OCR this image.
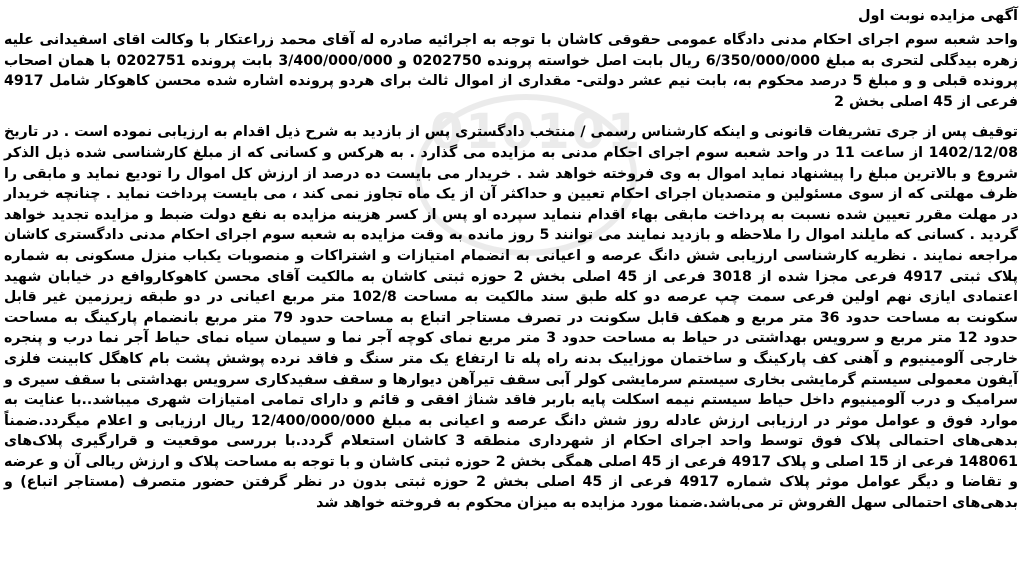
010101
آگهی مزایده نوبت اول

واحد شعبه سوم اجرای احکام مدنی دادگاه عمومی حقوقی کاشان با توجه به اجرائیه صادره له آقای محمد زراعتکار با وکالت اقای اسفیدانی علیه زهره بیدگلی لتحری به مبلغ 6/350/000/000 ریال بابت اصل خواسته پرونده 0202750 و 3/400/000/000 بابت پرونده 0202751 با همان اصحاب پرونده قبلی و و مبلغ 5 درصد محکوم به، بابت نیم عشر دولتی- مقداری از اموال ثالث برای هردو پرونده اشاره شده محسن کاهوکار شامل 4917 فرعی از 45 اصلی بخش 2

توقیف پس از جری تشریفات قانونی و اینکه کارشناس رسمی / منتخب دادگستری پس از بازدید به شرح ذیل اقدام به ارزیابی نموده است . در تاریخ 1402/12/08 از ساعت 11 در واحد شعبه سوم اجرای احکام مدنی به مزایده می گذارد . به هرکس و کسانی که از مبلغ کارشناسی شده ذیل الذکر شروع و بالاترین مبلغ را پیشنهاد نماید اموال به وی فروخته خواهد شد . خریدار می بایست ده درصد از ارزش کل اموال را تودیع نماید و مابقی را ظرف مهلتی که از سوی مسئولین و متصدیان اجرای احکام تعیین و حداکثر آن از یک ماه تجاوز نمی کند ، می بایست پرداخت نماید . چنانچه خریدار در مهلت مقرر تعیین شده نسبت به پرداخت مابقی بهاء اقدام ننماید سپرده او پس از کسر هزینه مزایده به نفع دولت ضبط و مزایده تجدید خواهد گردید . کسانی که مایلند اموال را ملاحظه و بازدید نمایند می توانند 5 روز مانده به وقت مزایده به شعبه سوم اجرای احکام مدنی دادگستری کاشان مراجعه نمایند . نظریه کارشناسی ارزیابی شش دانگ عرصه و اعیانی به انضمام امتیازات و اشتراکات و منصوبات یکباب منزل مسکونی به شماره پلاک ثبتی 4917 فرعی مجزا شده از 3018 فرعی از 45 اصلی بخش 2 حوزه ثبتی کاشان به مالکیت آقای محسن کاهوکاروافع در خیابان شهید اعتمادی ایازی نهم اولین فرعی سمت چپ عرصه دو کله طبق سند مالکیت به مساحت 102/8 متر مربع اعیانی در دو طبقه زیرزمین غیر قابل سکونت به مساحت حدود 36 متر مربع و همکف قابل سکونت در تصرف مستاجر اتباع به مساحت حدود 79 متر مربع بانضمام پارکینگ به مساحت حدود 12 متر مربع و سرویس بهداشتی در حیاط به مساحت حدود 3 متر مربع نمای کوچه آجر نما و سیمان سیاه نمای حیاط آجر نما درب و پنجره خارجی آلومینیوم و آهنی کف پارکینگ و ساختمان موزاییک بدنه راه پله تا ارتفاع یک متر سنگ و فاقد نرده پوشش پشت بام کاهگل کابینت فلزی آیفون معمولی سیستم گرمایشی بخاری سیستم سرمایشی کولر آبی سقف تیرآهن دیوارها و سقف سفیدکاری سرویس بهداشتی با سقف سیری و سرامیک و درب آلومینیوم داخل حیاط سیستم نیمه اسکلت پایه باربر فاقد شناژ افقی و قائم و دارای تمامی امتیازات شهری میباشد..با عنایت به موارد فوق و عوامل موثر در ارزیابی ارزش عادله روز شش دانگ عرصه و اعیانی به مبلغ 12/400/000/000 ریال ارزیابی و اعلام میگردد.ضمناً بدهی‌های احتمالی پلاک فوق توسط واحد اجرای احکام از شهرداری منطقه 3 کاشان استعلام گردد.با بررسی موقعیت و قرارگیری پلاک‌های 148061 فرعی از 15 اصلی و پلاک 4917 فرعی از 45 اصلی همگی بخش 2 حوزه ثبتی کاشان و با توجه به مساحت پلاک و ارزش ریالی آن و عرضه و تقاضا و دیگر عوامل موثر پلاک شماره 4917 فرعی از 45 اصلی بخش 2 حوزه ثبتی بدون در نظر گرفتن حضور متصرف (مستاجر اتباع) و بدهی‌های احتمالی سهل الفروش تر می‌باشد.ضمنا مورد مزایده به میزان محکوم به فروخته خواهد شد
